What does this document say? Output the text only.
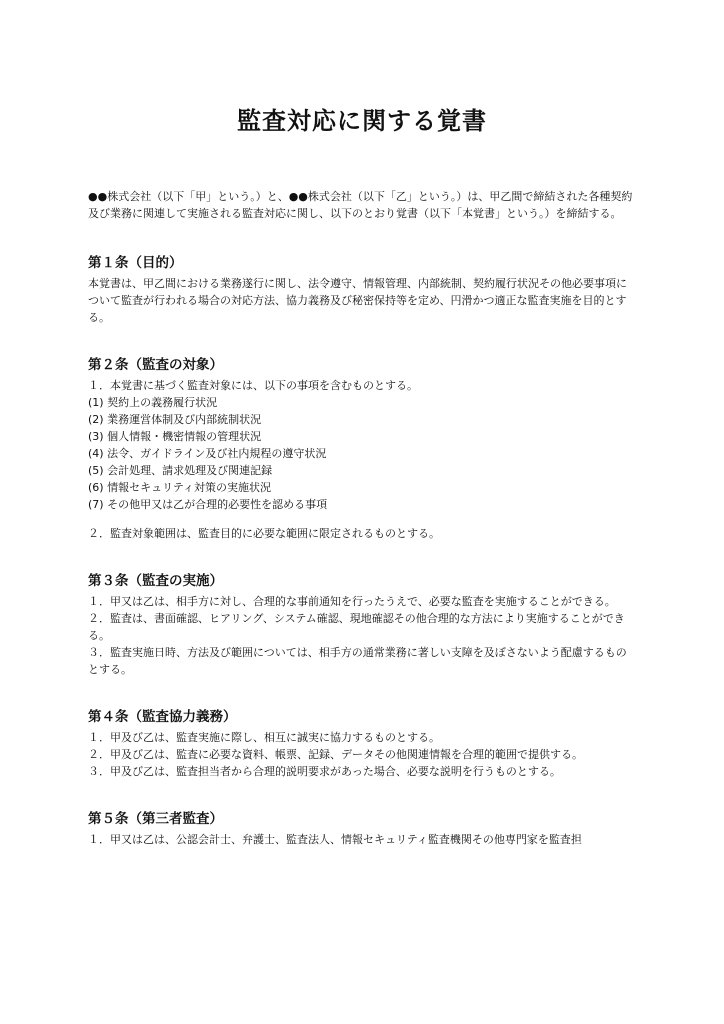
監査対応に関する覚書

●●株式会社（以下「甲」という。）と、●●株式会社（以下「乙」という。）は、甲乙間で締結された各種契約及び業務に関連して実施される監査対応に関し、以下のとおり覚書（以下「本覚書」という。）を締結する。

第１条（目的）

本覚書は、甲乙間における業務遂行に関し、法令遵守、情報管理、内部統制、契約履行状況その他必要事項について監査が行われる場合の対応方法、協力義務及び秘密保持等を定め、円滑かつ適正な監査実施を目的とする。

第２条（監査の対象）

１．本覚書に基づく監査対象には、以下の事項を含むものとする。

(1) 契約上の義務履行状況

(2) 業務運営体制及び内部統制状況

(3) 個人情報・機密情報の管理状況

(4) 法令、ガイドライン及び社内規程の遵守状況

(5) 会計処理、請求処理及び関連記録

(6) 情報セキュリティ対策の実施状況

(7) その他甲又は乙が合理的必要性を認める事項

２．監査対象範囲は、監査目的に必要な範囲に限定されるものとする。

第３条（監査の実施）

１．甲又は乙は、相手方に対し、合理的な事前通知を行ったうえで、必要な監査を実施することができる。

２．監査は、書面確認、ヒアリング、システム確認、現地確認その他合理的な方法により実施することができる。

３．監査実施日時、方法及び範囲については、相手方の通常業務に著しい支障を及ぼさないよう配慮するものとする。

第４条（監査協力義務）

１．甲及び乙は、監査実施に際し、相互に誠実に協力するものとする。

２．甲及び乙は、監査に必要な資料、帳票、記録、データその他関連情報を合理的範囲で提供する。

３．甲及び乙は、監査担当者から合理的説明要求があった場合、必要な説明を行うものとする。

第５条（第三者監査）

１．甲又は乙は、公認会計士、弁護士、監査法人、情報セキュリティ監査機関その他専門家を監査担
